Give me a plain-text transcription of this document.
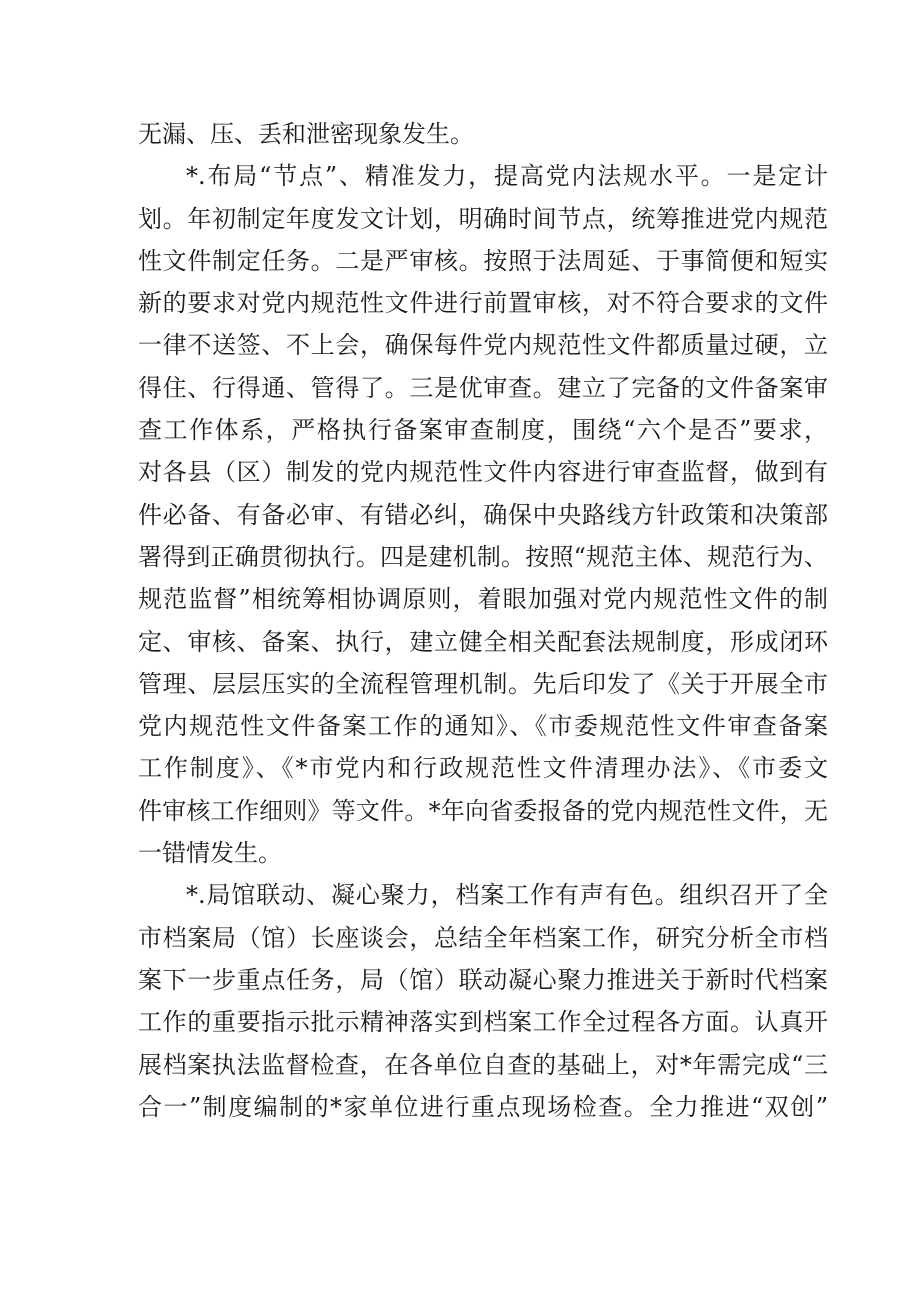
无漏、压、丢和泄密现象发生。
*.布局“节点”、精准发力，提高党内法规水平。一是定计
划。年初制定年度发文计划，明确时间节点，统筹推进党内规范
性文件制定任务。二是严审核。按照于法周延、于事简便和短实
新的要求对党内规范性文件进行前置审核，对不符合要求的文件
一律不送签、不上会，确保每件党内规范性文件都质量过硬，立
得住、行得通、管得了。三是优审查。建立了完备的文件备案审
查工作体系，严格执行备案审查制度，围绕“六个是否”要求，
对各县（区）制发的党内规范性文件内容进行审查监督，做到有
件必备、有备必审、有错必纠，确保中央路线方针政策和决策部
署得到正确贯彻执行。四是建机制。按照“规范主体、规范行为、
规范监督”相统筹相协调原则，着眼加强对党内规范性文件的制
定、审核、备案、执行，建立健全相关配套法规制度，形成闭环
管理、层层压实的全流程管理机制。先后印发了《关于开展全市
党内规范性文件备案工作的通知》、《市委规范性文件审查备案
工作制度》、《*市党内和行政规范性文件清理办法》、《市委文
件审核工作细则》等文件。*年向省委报备的党内规范性文件，无
一错情发生。
*.局馆联动、凝心聚力，档案工作有声有色。组织召开了全
市档案局（馆）长座谈会，总结全年档案工作，研究分析全市档
案下一步重点任务，局（馆）联动凝心聚力推进关于新时代档案
工作的重要指示批示精神落实到档案工作全过程各方面。认真开
展档案执法监督检查，在各单位自查的基础上，对*年需完成“三
合一”制度编制的*家单位进行重点现场检查。全力推进“双创”
